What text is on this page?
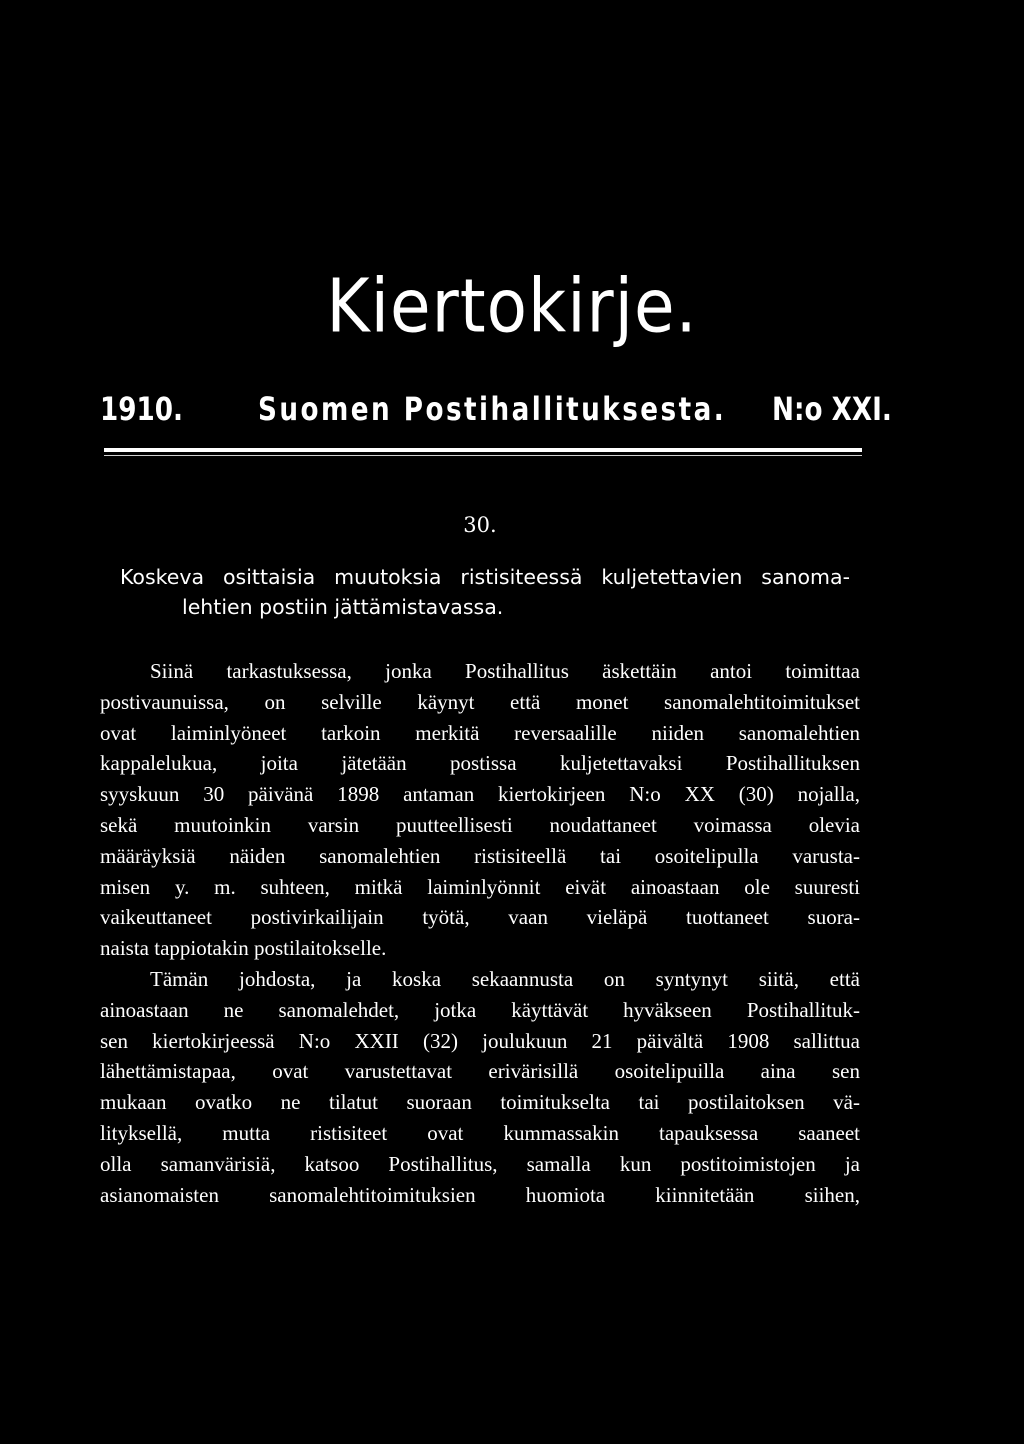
Kiertokirje.
1910. Suomen Postihallituksesta. N:o XXI.
30.
Koskeva osittaisia muutoksia ristisiteessä kuljetettavien sanoma-
lehtien postiin jättämistavassa.
Siinä tarkastuksessa, jonka Postihallitus äskettäin antoi toimittaa
postivaunuissa, on selville käynyt että monet sanomalehtitoimitukset
ovat laiminlyöneet tarkoin merkitä reversaalille niiden sanomalehtien
kappalelukua, joita jätetään postissa kuljetettavaksi Postihallituksen
syyskuun 30 päivänä 1898 antaman kiertokirjeen N:o XX (30) nojalla,
sekä muutoinkin varsin puutteellisesti noudattaneet voimassa olevia
määräyksiä näiden sanomalehtien ristisiteellä tai osoitelipulla varusta-
misen y. m. suhteen, mitkä laiminlyönnit eivät ainoastaan ole suuresti
vaikeuttaneet postivirkailijain työtä, vaan vieläpä tuottaneet suora-
naista tappiotakin postilaitokselle.
Tämän johdosta, ja koska sekaannusta on syntynyt siitä, että
ainoastaan ne sanomalehdet, jotka käyttävät hyväkseen Postihallituk-
sen kiertokirjeessä N:o XXII (32) joulukuun 21 päivältä 1908 sallittua
lähettämistapaa, ovat varustettavat erivärisillä osoitelipuilla aina sen
mukaan ovatko ne tilatut suoraan toimitukselta tai postilaitoksen vä-
lityksellä, mutta ristisiteet ovat kummassakin tapauksessa saaneet
olla samanvärisiä, katsoo Postihallitus, samalla kun postitoimistojen ja
asianomaisten sanomalehtitoimituksien huomiota kiinnitetään siihen,
